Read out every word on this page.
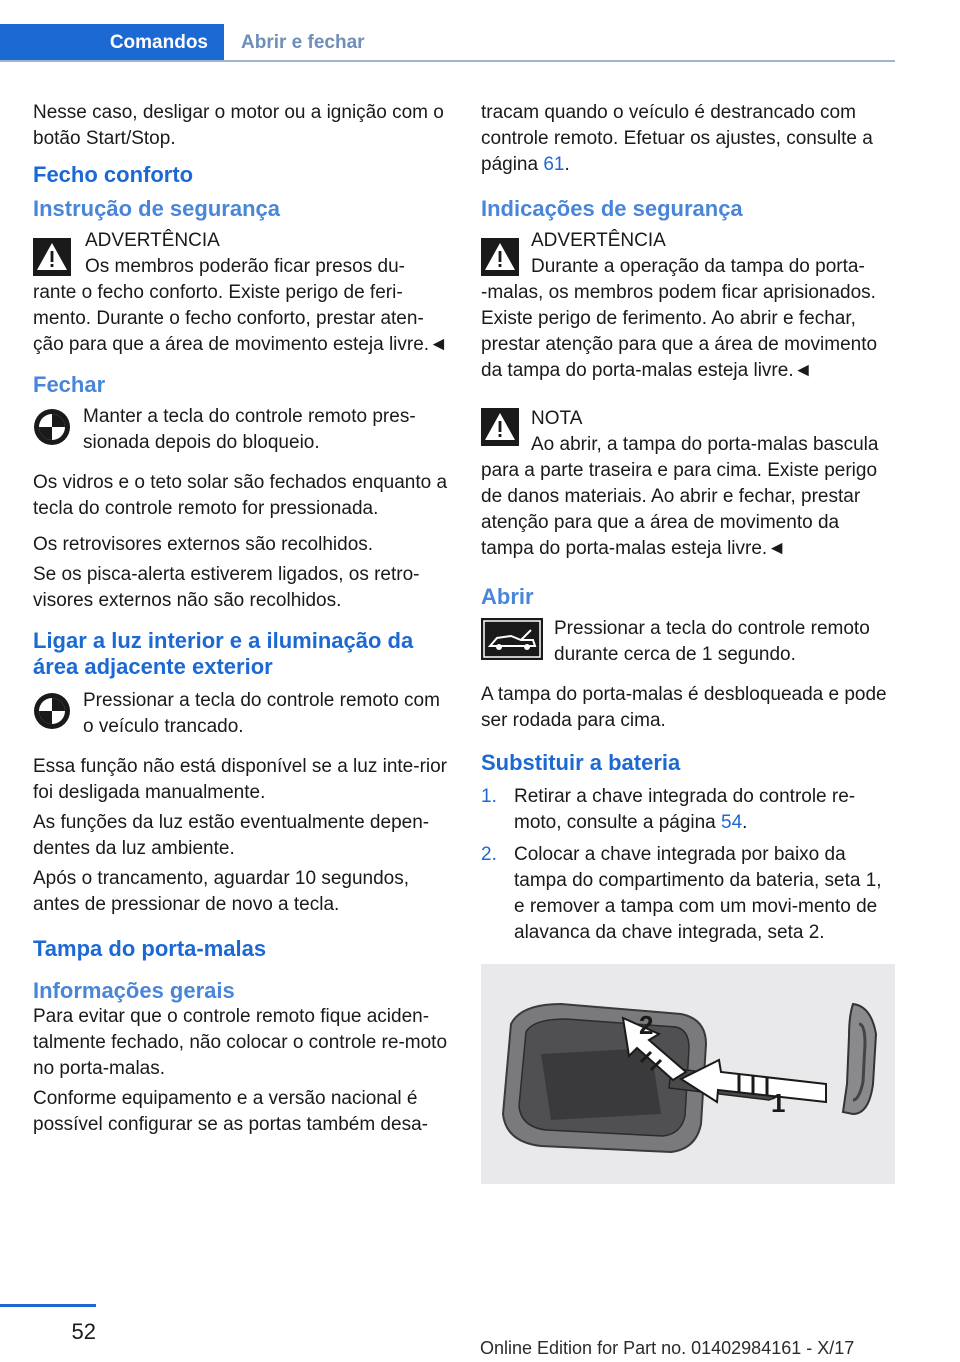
Comandos	Abrir e fechar

Nesse caso, desligar o motor ou a ignição com o botão Start/Stop.

Fecho conforto
Instrução de segurança
ADVERTÊNCIA
Os membros poderão ficar presos du-rante o fecho conforto. Existe perigo de feri-mento. Durante o fecho conforto, prestar aten-ção para que a área de movimento esteja livre.◄
Fechar
Manter a tecla do controle remoto pres-sionada depois do bloqueio.

Os vidros e o teto solar são fechados enquanto a tecla do controle remoto for pressionada.

Os retrovisores externos são recolhidos.

Se os pisca-alerta estiverem ligados, os retro-visores externos não são recolhidos.

Ligar a luz interior e a iluminação da área adjacente exterior
Pressionar a tecla do controle remoto com o veículo trancado.

Essa função não está disponível se a luz inte-rior foi desligada manualmente.

As funções da luz estão eventualmente depen-dentes da luz ambiente.

Após o trancamento, aguardar 10 segundos, antes de pressionar de novo a tecla.

Tampa do porta-malas
Informações gerais

Para evitar que o controle remoto fique aciden-talmente fechado, não colocar o controle re-moto no porta-malas.

Conforme equipamento e a versão nacional é possível configurar se as portas também desa-

tracam quando o veículo é destrancado com controle remoto. Efetuar os ajustes, consulte a página 61.

Indicações de segurança
ADVERTÊNCIA
Durante a operação da tampa do porta-
-malas, os membros podem ficar aprisionados. Existe perigo de ferimento. Ao abrir e fechar, prestar atenção para que a área de movimento da tampa do porta-malas esteja livre.◄
NOTA
Ao abrir, a tampa do porta-malas bascula
para a parte traseira e para cima. Existe perigo de danos materiais. Ao abrir e fechar, prestar atenção para que a área de movimento da tampa do porta-malas esteja livre.◄
Abrir
Pressionar a tecla do controle remoto durante cerca de 1 segundo.

A tampa do porta-malas é desbloqueada e pode ser rodada para cima.

Substituir a bateria
1. Retirar a chave integrada do controle re-moto, consulte a página 54.
2. Colocar a chave integrada por baixo da tampa do compartimento da bateria, seta 1, e remover a tampa com um movi-mento de alavanca da chave integrada, seta 2.
1
2
52
Online Edition for Part no. 01402984161 - X/17
